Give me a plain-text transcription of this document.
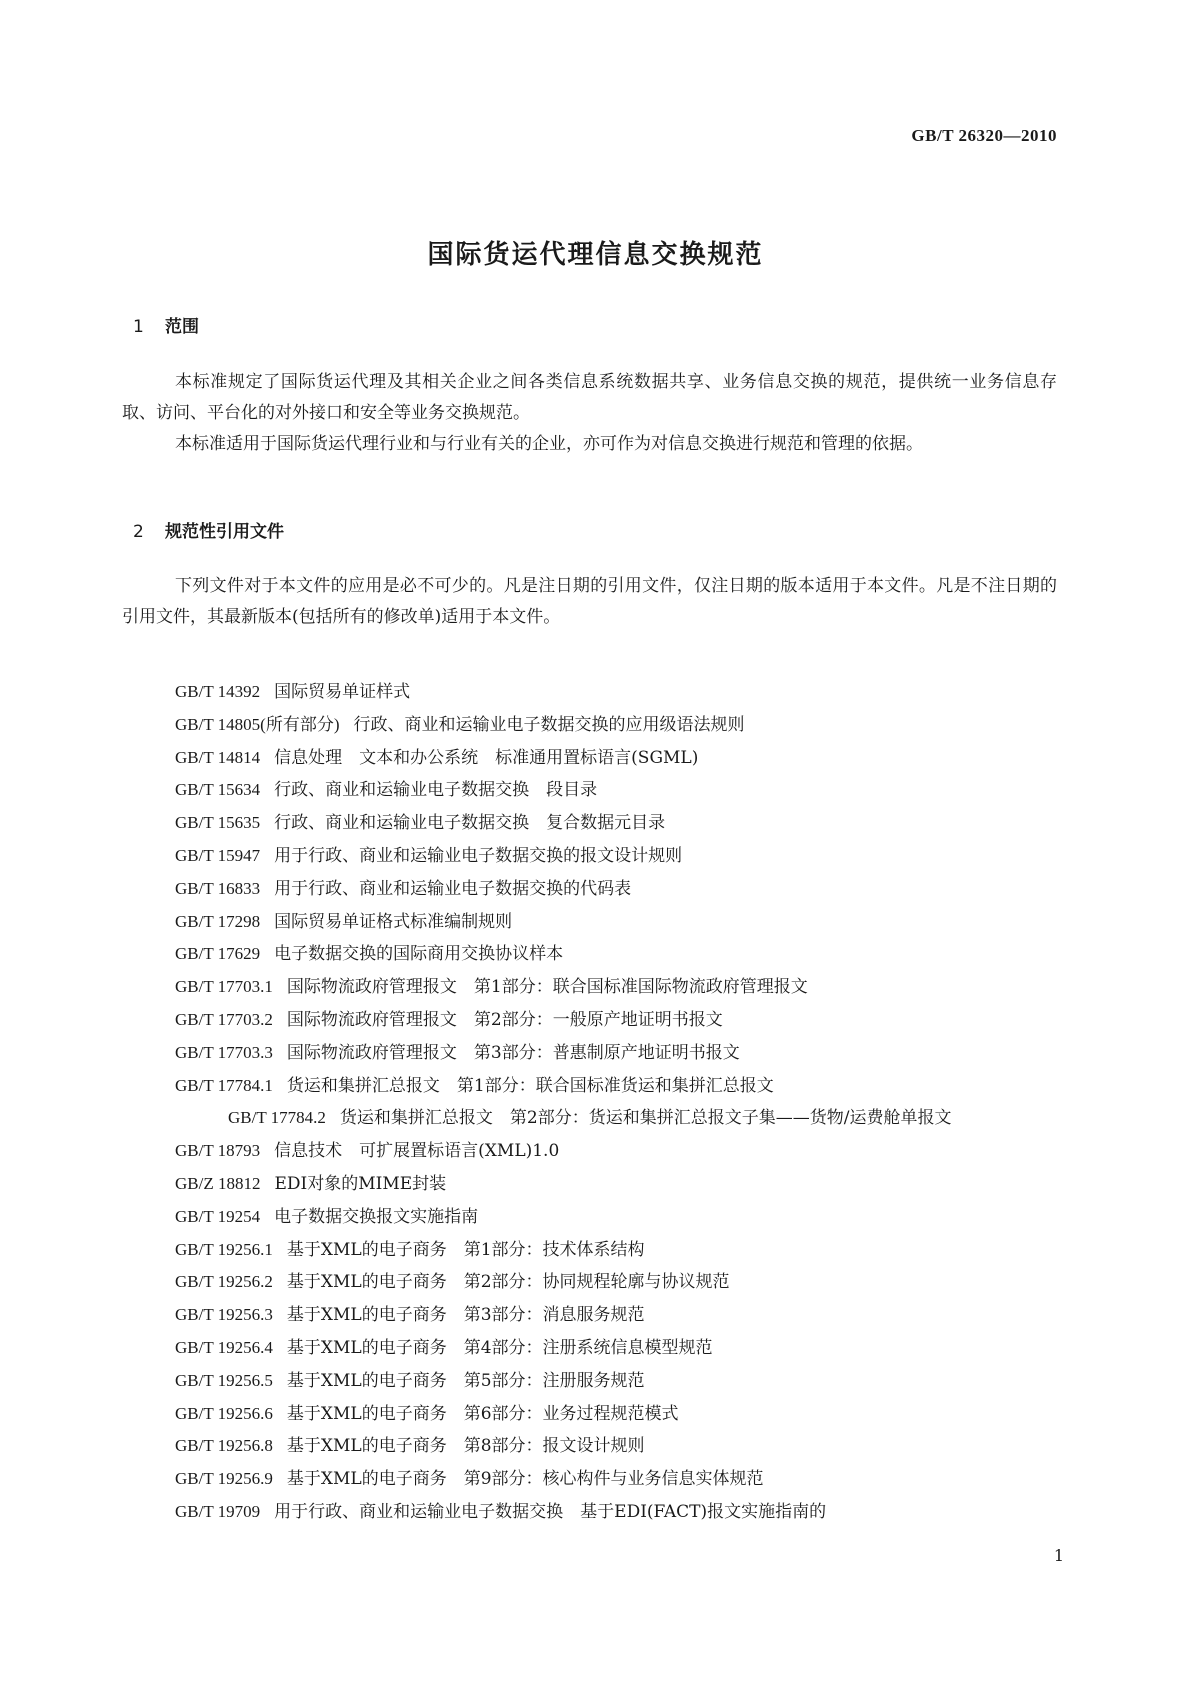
GB/T 26320—2010
国际货运代理信息交换规范
1 范围
本标准规定了国际货运代理及其相关企业之间各类信息系统数据共享、业务信息交换的规范，提供统一业务信息存取、访问、平台化的对外接口和安全等业务交换规范。
本标准适用于国际货运代理行业和与行业有关的企业，亦可作为对信息交换进行规范和管理的依据。
2 规范性引用文件
下列文件对于本文件的应用是必不可少的。凡是注日期的引用文件，仅注日期的版本适用于本文件。凡是不注日期的引用文件，其最新版本(包括所有的修改单)适用于本文件。
GB/T 14392 国际贸易单证样式
GB/T 14805(所有部分) 行政、商业和运输业电子数据交换的应用级语法规则
GB/T 14814 信息处理　文本和办公系统　标准通用置标语言(SGML)
GB/T 15634 行政、商业和运输业电子数据交换　段目录
GB/T 15635 行政、商业和运输业电子数据交换　复合数据元目录
GB/T 15947 用于行政、商业和运输业电子数据交换的报文设计规则
GB/T 16833 用于行政、商业和运输业电子数据交换的代码表
GB/T 17298 国际贸易单证格式标准编制规则
GB/T 17629 电子数据交换的国际商用交换协议样本
GB/T 17703.1 国际物流政府管理报文　第1部分：联合国标准国际物流政府管理报文
GB/T 17703.2 国际物流政府管理报文　第2部分：一般原产地证明书报文
GB/T 17703.3 国际物流政府管理报文　第3部分：普惠制原产地证明书报文
GB/T 17784.1 货运和集拼汇总报文　第1部分：联合国标准货运和集拼汇总报文
GB/T 17784.2 货运和集拼汇总报文　第2部分：货运和集拼汇总报文子集——货物/运费舱单报文
GB/T 18793 信息技术　可扩展置标语言(XML)1.0
GB/Z 18812 EDI对象的MIME封装
GB/T 19254 电子数据交换报文实施指南
GB/T 19256.1 基于XML的电子商务　第1部分：技术体系结构
GB/T 19256.2 基于XML的电子商务　第2部分：协同规程轮廓与协议规范
GB/T 19256.3 基于XML的电子商务　第3部分：消息服务规范
GB/T 19256.4 基于XML的电子商务　第4部分：注册系统信息模型规范
GB/T 19256.5 基于XML的电子商务　第5部分：注册服务规范
GB/T 19256.6 基于XML的电子商务　第6部分：业务过程规范模式
GB/T 19256.8 基于XML的电子商务　第8部分：报文设计规则
GB/T 19256.9 基于XML的电子商务　第9部分：核心构件与业务信息实体规范
GB/T 19709 用于行政、商业和运输业电子数据交换　基于EDI(FACT)报文实施指南的
1
